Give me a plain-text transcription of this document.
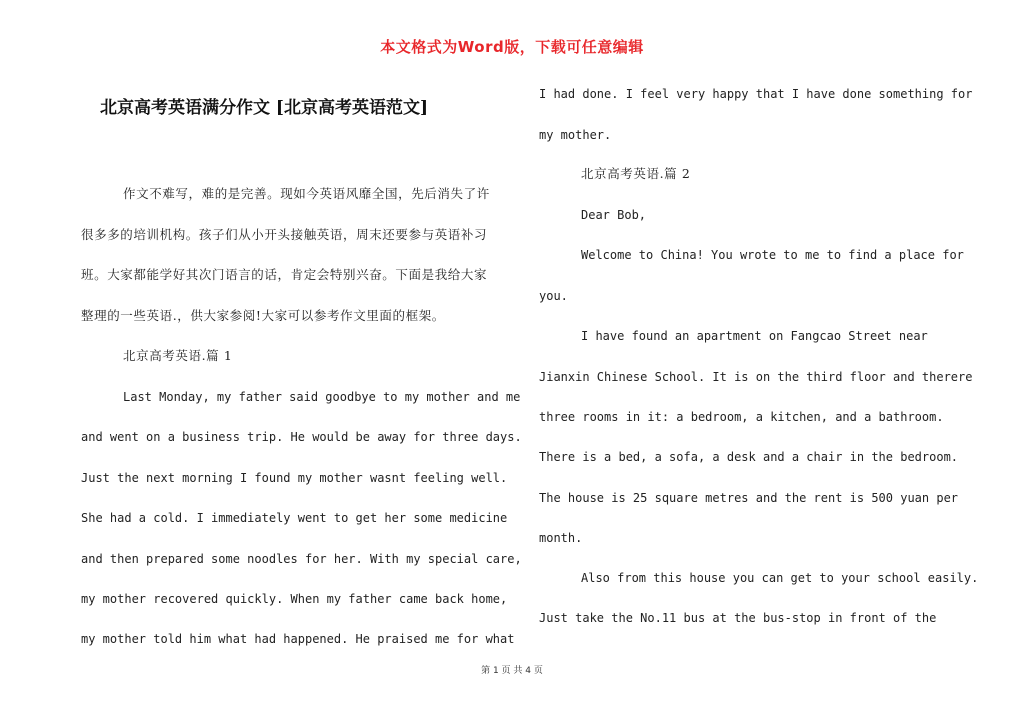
本文格式为Word版，下载可任意编辑
北京高考英语满分作文 [北京高考英语范文]
作文不难写，难的是完善。现如今英语风靡全国，先后消失了许
很多多的培训机构。孩子们从小开头接触英语，周末还要参与英语补习
班。大家都能学好其次门语言的话，肯定会特别兴奋。下面是我给大家
整理的一些英语.，供大家参阅!大家可以参考作文里面的框架。
北京高考英语.篇 1
Last Monday, my father said goodbye to my mother and me
and went on a business trip. He would be away for three days.
Just the next morning I found my mother wasnt feeling well.
She had a cold. I immediately went to get her some medicine
and then prepared some noodles for her. With my special care,
my mother recovered quickly. When my father came back home,
my mother told him what had happened. He praised me for what
I had done. I feel very happy that I have done something for
my mother.
北京高考英语.篇 2
Dear Bob,
Welcome to China! You wrote to me to find a place for
you.
I have found an apartment on Fangcao Street near
Jianxin Chinese School. It is on the third floor and therere
three rooms in it: a bedroom, a kitchen, and a bathroom.
There is a bed, a sofa, a desk and a chair in the bedroom.
The house is 25 square metres and the rent is 500 yuan per
month.
Also from this house you can get to your school easily.
Just take the No.11 bus at the bus-stop in front of the
第 1 页 共 4 页
